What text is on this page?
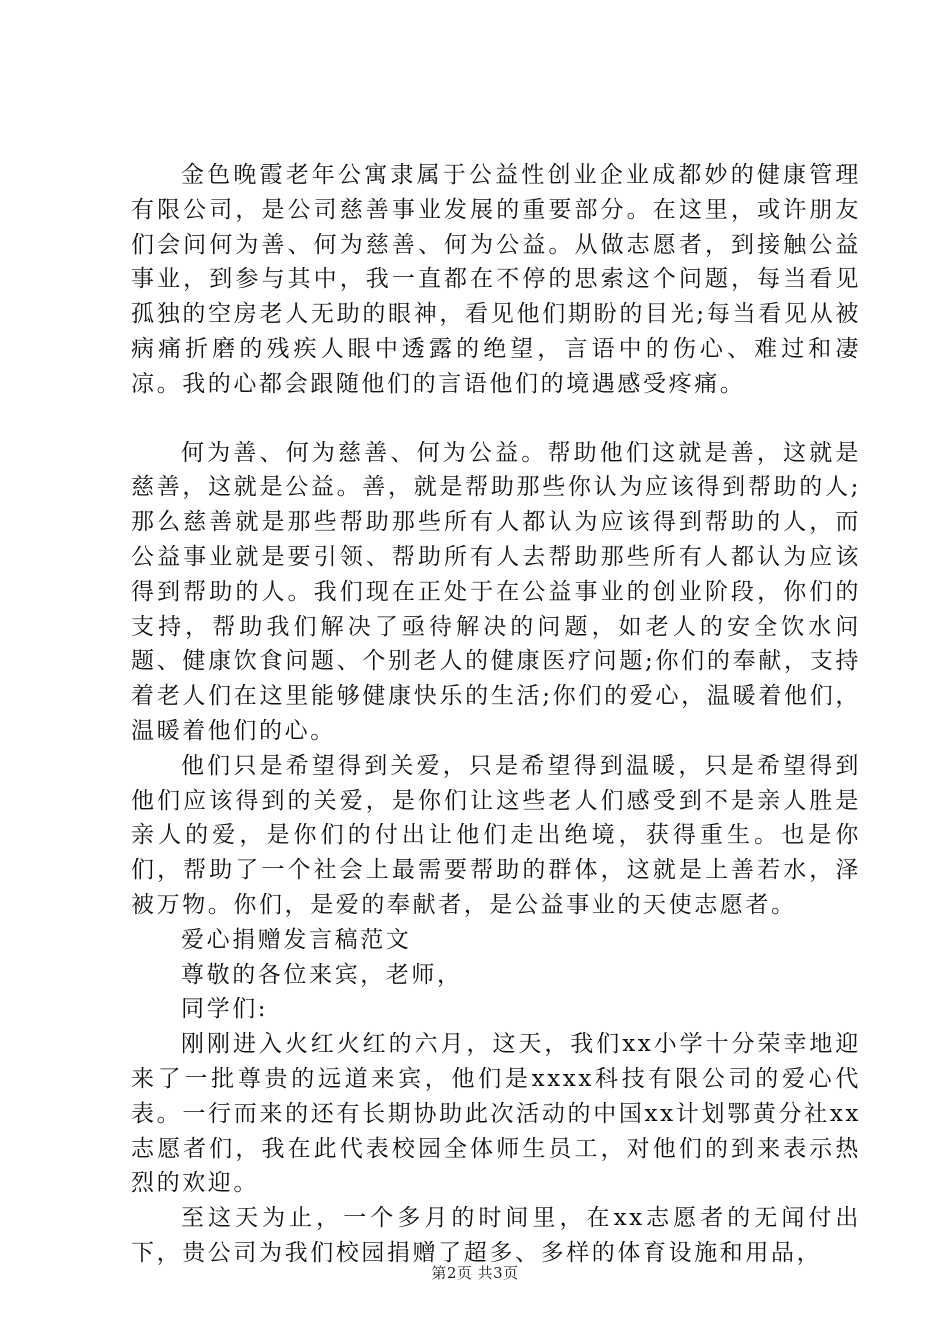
金色晚霞老年公寓隶属于公益性创业企业成都妙的健康管理有限公司，是公司慈善事业发展的重要部分。在这里，或许朋友们会问何为善、何为慈善、何为公益。从做志愿者，到接触公益事业，到参与其中，我一直都在不停的思索这个问题，每当看见孤独的空房老人无助的眼神，看见他们期盼的目光;每当看见从被病痛折磨的残疾人眼中透露的绝望，言语中的伤心、难过和凄凉。我的心都会跟随他们的言语他们的境遇感受疼痛。

何为善、何为慈善、何为公益。帮助他们这就是善，这就是慈善，这就是公益。善，就是帮助那些你认为应该得到帮助的人;那么慈善就是那些帮助那些所有人都认为应该得到帮助的人，而公益事业就是要引领、帮助所有人去帮助那些所有人都认为应该得到帮助的人。我们现在正处于在公益事业的创业阶段，你们的支持，帮助我们解决了亟待解决的问题，如老人的安全饮水问题、健康饮食问题、个别老人的健康医疗问题;你们的奉献，支持着老人们在这里能够健康快乐的生活;你们的爱心，温暖着他们，温暖着他们的心。

他们只是希望得到关爱，只是希望得到温暖，只是希望得到他们应该得到的关爱，是你们让这些老人们感受到不是亲人胜是亲人的爱，是你们的付出让他们走出绝境，获得重生。也是你们，帮助了一个社会上最需要帮助的群体，这就是上善若水，泽被万物。你们，是爱的奉献者，是公益事业的天使志愿者。

爱心捐赠发言稿范文

尊敬的各位来宾，老师，

同学们:

刚刚进入火红火红的六月，这天，我们xx小学十分荣幸地迎来了一批尊贵的远道来宾，他们是xxxx科技有限公司的爱心代表。一行而来的还有长期协助此次活动的中国xx计划鄂黄分社xx志愿者们，我在此代表校园全体师生员工，对他们的到来表示热烈的欢迎。

至这天为止，一个多月的时间里，在xx志愿者的无闻付出下，贵公司为我们校园捐赠了超多、多样的体育设施和用品，

第2页 共3页
